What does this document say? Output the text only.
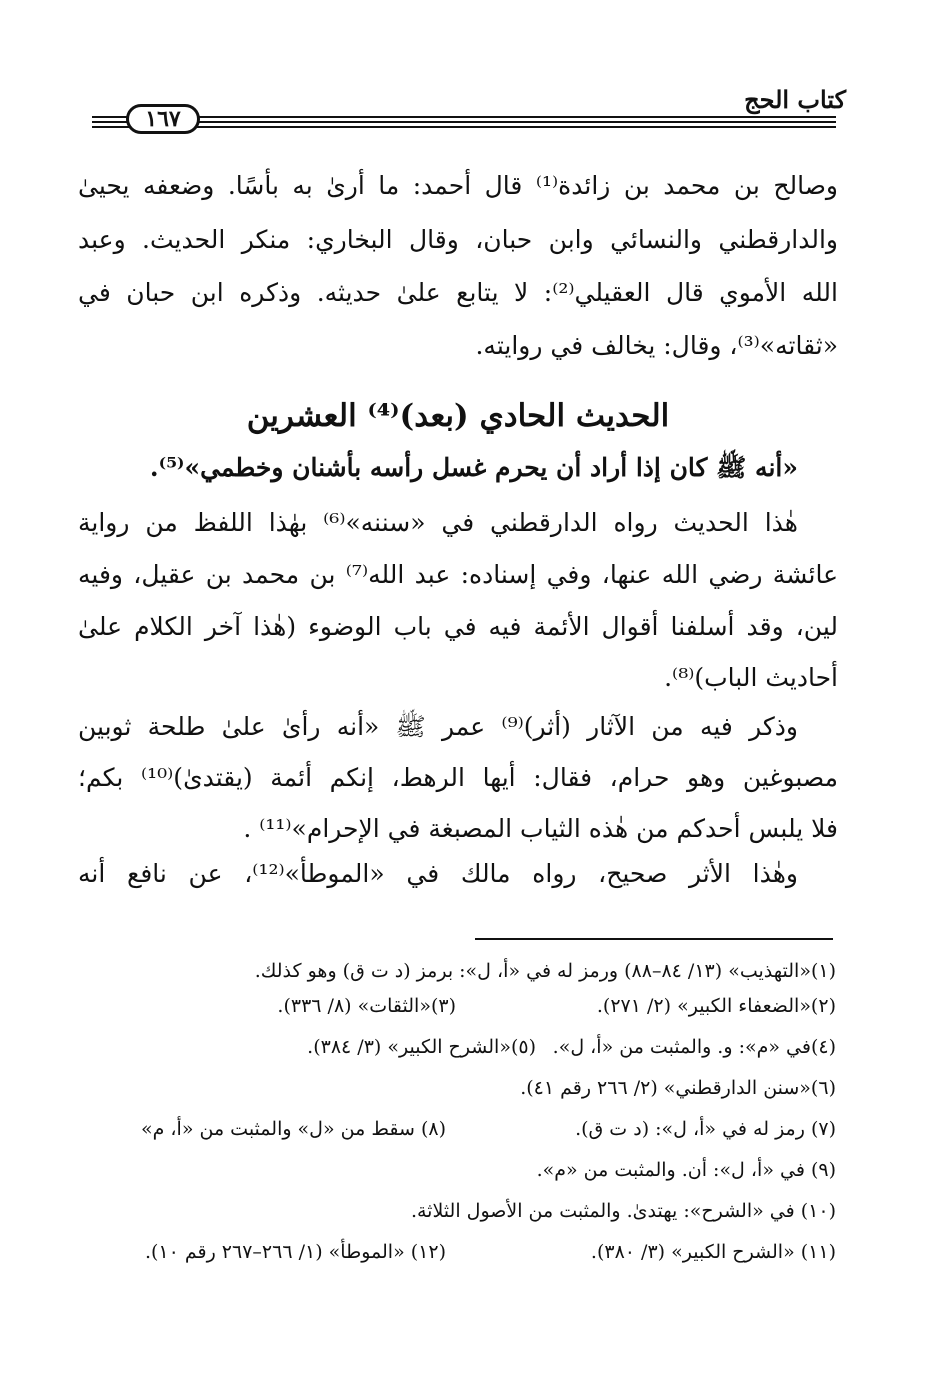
كتاب الحج
١٦٧
وصالح بن محمد بن زائدة⁽¹⁾ قال أحمد: ما أرىٰ به بأسًا. وضعفه يحيىٰ
والدارقطني والنسائي وابن حبان، وقال البخاري: منكر الحديث. وعبد
الله الأموي قال العقيلي⁽²⁾: لا يتابع علىٰ حديثه. وذكره ابن حبان في
«ثقاته»⁽³⁾، وقال: يخالف في روايته.
الحديث الحادي (بعد)⁽⁴⁾ العشرين
«أنه ﷺ كان إذا أراد أن يحرم غسل رأسه بأشنان وخطمي»⁽⁵⁾.
هٰذا الحديث رواه الدارقطني في «سننه»⁽⁶⁾ بهٰذا اللفظ من رواية
عائشة رضي الله عنها، وفي إسناده: عبد الله⁽⁷⁾ بن محمد بن عقيل، وفيه
لين، وقد أسلفنا أقوال الأئمة فيه في باب الوضوء (هٰذا آخر الكلام علىٰ
أحاديث الباب)⁽⁸⁾.
وذكر فيه من الآثار (أثر)⁽⁹⁾ عمر ﷺ «أنه رأىٰ علىٰ طلحة ثوبين
مصبوغين وهو حرام، فقال: أيها الرهط، إنكم أئمة (يقتدىٰ)⁽¹⁰⁾ بكم؛
فلا يلبس أحدكم من هٰذه الثياب المصبغة في الإحرام»⁽¹¹⁾ .
وهٰذا الأثر صحيح، رواه مالك في «الموطأ»⁽¹²⁾، عن نافع أنه
(١)«التهذيب» (١٣/ ٨٤–٨٨) ورمز له في «أ، ل»: برمز (د ت ق) وهو كذلك.
(٢)«الضعفاء الكبير» (٢/ ٢٧١).
(٣)«الثقات» (٨/ ٣٣٦).
(٤)في «م»: و. والمثبت من «أ، ل».
(٥)«الشرح الكبير» (٣/ ٣٨٤).
(٦)«سنن الدارقطني» (٢/ ٢٦٦ رقم ٤١).
(٧) رمز له في «أ، ل»: (د ت ق).
(٨) سقط من «ل» والمثبت من «أ، م»
(٩) في «أ، ل»: أن. والمثبت من «م».
(١٠) في «الشرح»: يهتدىٰ. والمثبت من الأصول الثلاثة.
(١١) «الشرح الكبير» (٣/ ٣٨٠).
(١٢) «الموطأ» (١/ ٢٦٦–٢٦٧ رقم ١٠).
